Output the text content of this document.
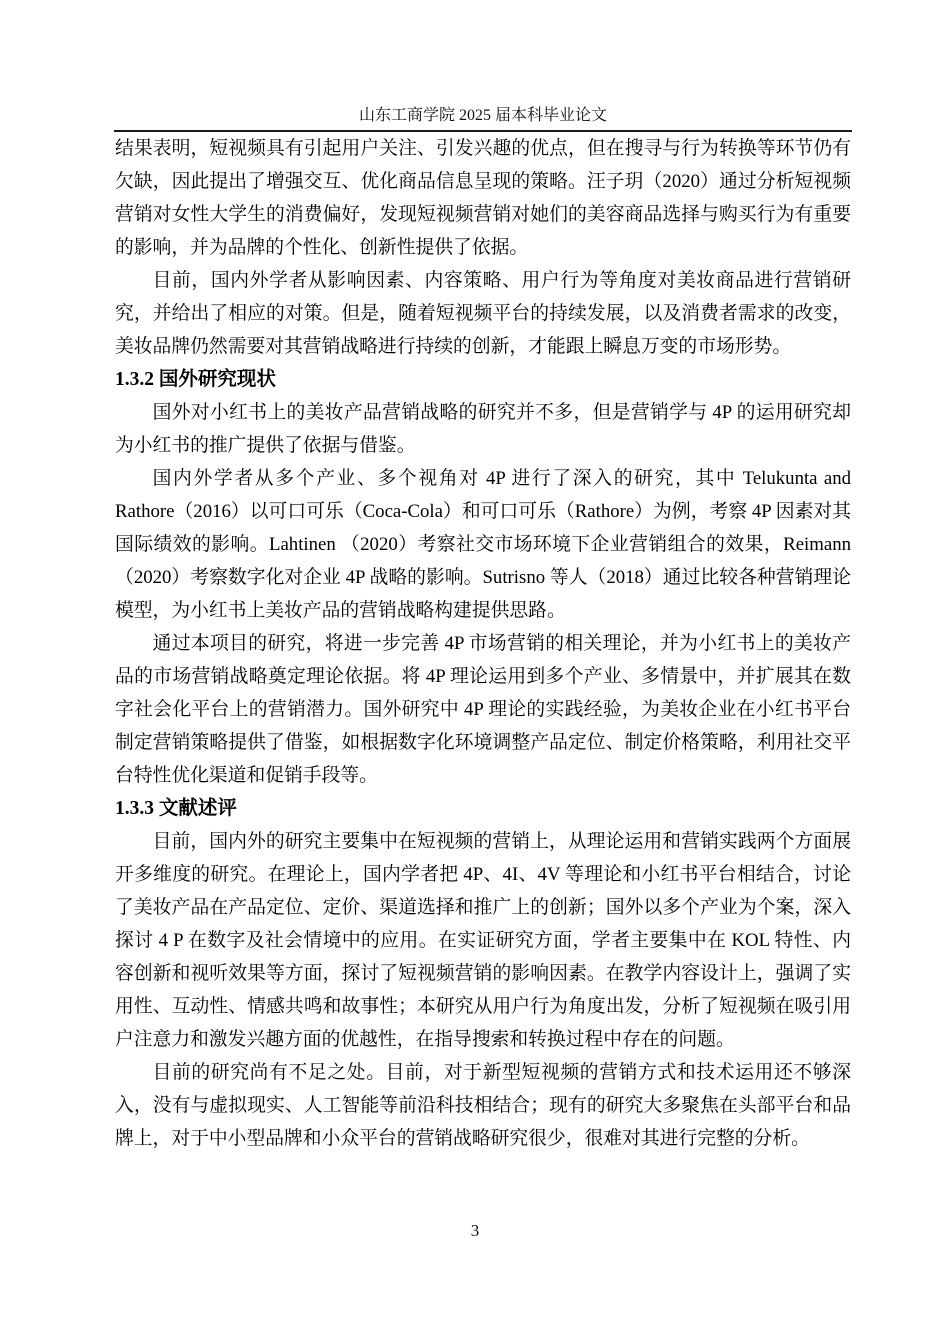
山东工商学院 2025 届本科毕业论文

结果表明，短视频具有引起用户关注、引发兴趣的优点，但在搜寻与行为转换等环节仍有欠缺，因此提出了增强交互、优化商品信息呈现的策略。汪子玥（2020）通过分析短视频营销对女性大学生的消费偏好，发现短视频营销对她们的美容商品选择与购买行为有重要的影响，并为品牌的个性化、创新性提供了依据。

目前，国内外学者从影响因素、内容策略、用户行为等角度对美妆商品进行营销研究，并给出了相应的对策。但是，随着短视频平台的持续发展，以及消费者需求的改变，美妆品牌仍然需要对其营销战略进行持续的创新，才能跟上瞬息万变的市场形势。

1.3.2 国外研究现状

国外对小红书上的美妆产品营销战略的研究并不多，但是营销学与 4P 的运用研究却为小红书的推广提供了依据与借鉴。

国内外学者从多个产业、多个视角对 4P 进行了深入的研究，其中 Telukunta and Rathore（2016）以可口可乐（Coca-Cola）和可口可乐（Rathore）为例，考察 4P 因素对其国际绩效的影响。Lahtinen （2020）考察社交市场环境下企业营销组合的效果，Reimann（2020）考察数字化对企业 4P 战略的影响。Sutrisno 等人（2018）通过比较各种营销理论模型，为小红书上美妆产品的营销战略构建提供思路。

通过本项目的研究，将进一步完善 4P 市场营销的相关理论，并为小红书上的美妆产品的市场营销战略奠定理论依据。将 4P 理论运用到多个产业、多情景中，并扩展其在数字社会化平台上的营销潜力。国外研究中 4P 理论的实践经验，为美妆企业在小红书平台制定营销策略提供了借鉴，如根据数字化环境调整产品定位、制定价格策略，利用社交平台特性优化渠道和促销手段等。

1.3.3 文献述评

目前，国内外的研究主要集中在短视频的营销上，从理论运用和营销实践两个方面展开多维度的研究。在理论上，国内学者把 4P、4I、4V 等理论和小红书平台相结合，讨论了美妆产品在产品定位、定价、渠道选择和推广上的创新；国外以多个产业为个案，深入探讨 4 P 在数字及社会情境中的应用。在实证研究方面，学者主要集中在 KOL 特性、内容创新和视听效果等方面，探讨了短视频营销的影响因素。在教学内容设计上，强调了实用性、互动性、情感共鸣和故事性；本研究从用户行为角度出发，分析了短视频在吸引用户注意力和激发兴趣方面的优越性，在指导搜索和转换过程中存在的问题。

目前的研究尚有不足之处。目前，对于新型短视频的营销方式和技术运用还不够深入，没有与虚拟现实、人工智能等前沿科技相结合；现有的研究大多聚焦在头部平台和品牌上，对于中小型品牌和小众平台的营销战略研究很少，很难对其进行完整的分析。

3
